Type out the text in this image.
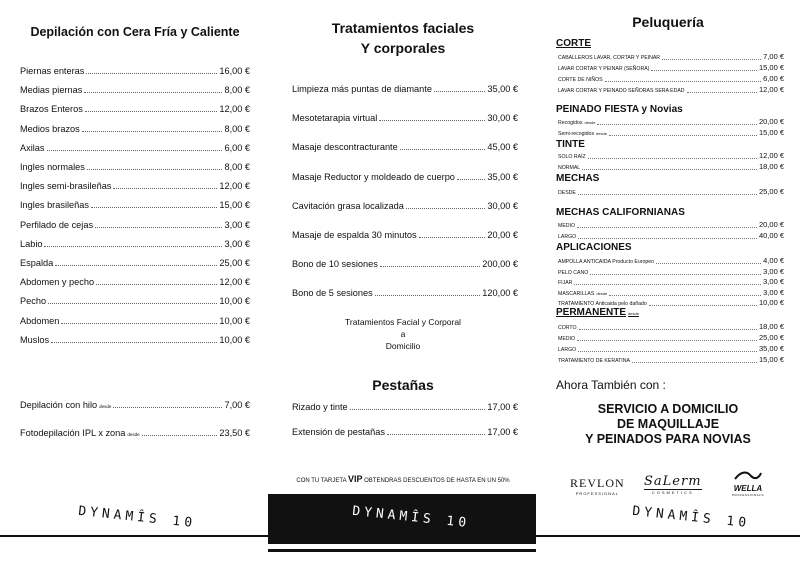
Depilación con Cera Fría y Caliente
Piernas enteras	16,00 €
Medias piernas	8,00 €
Brazos Enteros	12,00 €
Medios brazos	8,00 €
Axilas	6,00 €
Ingles normales	8,00 €
Ingles semi-brasileñas	12,00 €
Ingles brasileñas	15,00 €
Perfilado de cejas	3,00 €
Labio	3,00 €
Espalda	25,00 €
Abdomen y pecho	12,00 €
Pecho	10,00 €
Abdomen	10,00 €
Muslos	10,00 €
Depilación con hilo desde	7,00 €
Fotodepilación IPL x zona desde	23,50 €
Tratamientos faciales
Y corporales
Limpieza más puntas de diamante	35,00 €
Mesotetarapia virtual	30,00 €
Masaje descontracturante	45,00 €
Masaje Reductor y moldeado de cuerpo	35,00 €
Cavitación grasa localizada	30,00 €
Masaje de espalda 30 minutos	20,00 €
Bono de 10 sesiones	200,00 €
Bono de 5 sesiones	120,00 €
Tratamientos Facial y Corporal
a
Domicilio
Pestañas
Rizado y tinte	17,00 €
Extensión de pestañas	17,00 €
CON TU TARJETA VIP OBTENDRAS DESCUENTOS DE HASTA EN UN 50%
Peluquería
CORTE
CABALLEROS LAVAR, CORTAR Y PEINAR	7,00 €
LAVAR CORTAR Y PEINAR (SEÑORA)	15,00 €
CORTE DE NIÑOS	6,00 €
LAVAR CORTAR Y PEINADO SEÑORAS SERA EDAD	12,00 €
PEINADO FIESTA y Novias
Recogidos desde	20,00 €
Semi-recogidos desde	15,00 €
TINTE
SOLO RAÍZ	12,00 €
NORMAL	18,00 €
MECHAS
DESDE	25,00 €
MECHAS CALIFORNIANAS
MEDIO	20,00 €
LARGO	40,00 €
APLICACIONES
AMPOLLA ANTICAIDA Producto Europeo	4,00 €
PELO CANO	3,00 €
FIJAR	3,00 €
MASCARILLAS desde	3,00 €
TRATAMIENTO Anticaida pelo dañado	10,00 €
PERMANENTE desde
CORTO	18,00 €
MEDIO	25,00 €
LARGO	35,00 €
TRATAMIENTO DE KERATINA	15,00 €
Ahora También con :
SERVICIO A DOMICILIO
DE MAQUILLAJE
Y PEINADOS PARA NOVIAS
REVLON
PROFESSIONAL
SaLerm
COSMETICS	WELLA
PROFESSIONALS
DYNAMÎS 10	DYNAMÎS 10	DYNAMÎS 10
